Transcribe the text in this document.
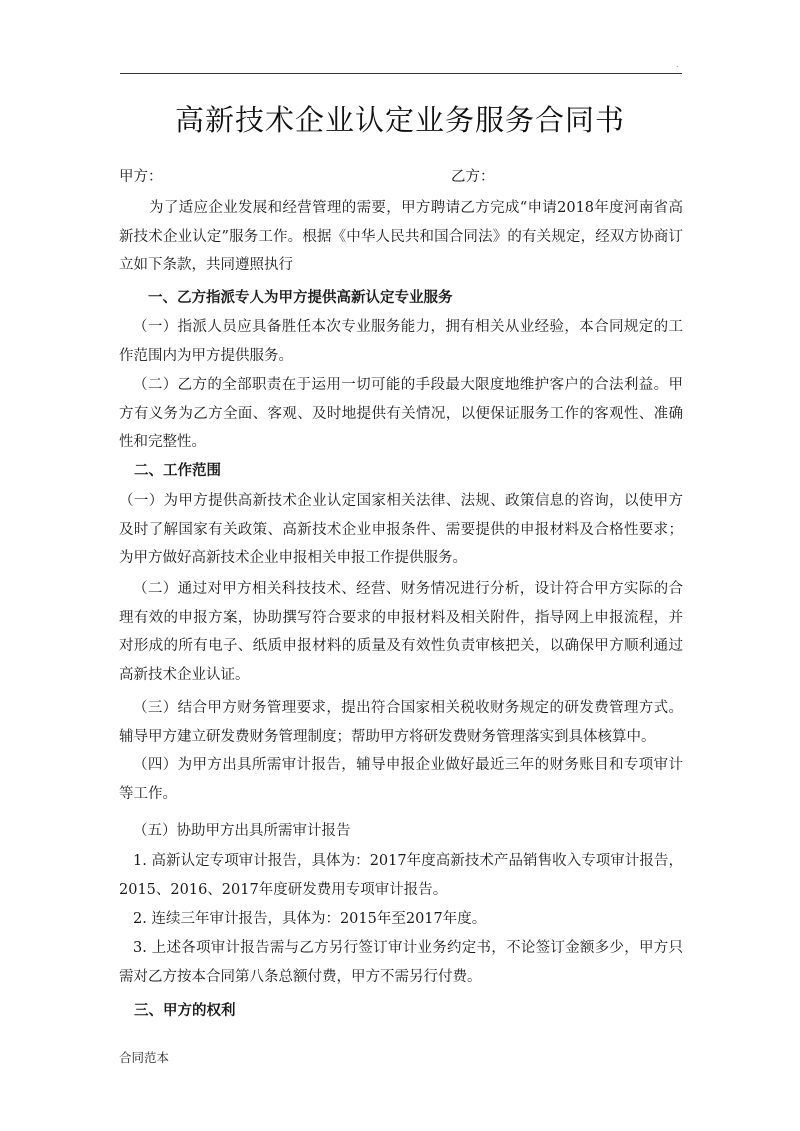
.
高新技术企业认定业务服务合同书
甲方：	乙方：
为了适应企业发展和经营管理的需要，甲方聘请乙方完成“申请2018年度河南省高新技术企业认定”服务工作。根据《中华人民共和国合同法》的有关规定，经双方协商订立如下条款，共同遵照执行
一、乙方指派专人为甲方提供高新认定专业服务
（一）指派人员应具备胜任本次专业服务能力，拥有相关从业经验，本合同规定的工作范围内为甲方提供服务。
（二）乙方的全部职责在于运用一切可能的手段最大限度地维护客户的合法利益。甲方有义务为乙方全面、客观、及时地提供有关情况，以便保证服务工作的客观性、准确性和完整性。
二、工作范围
（一）为甲方提供高新技术企业认定国家相关法律、法规、政策信息的咨询，以使甲方及时了解国家有关政策、高新技术企业申报条件、需要提供的申报材料及合格性要求；为甲方做好高新技术企业申报相关申报工作提供服务。
（二）通过对甲方相关科技技术、经营、财务情况进行分析，设计符合甲方实际的合理有效的申报方案，协助撰写符合要求的申报材料及相关附件，指导网上申报流程，并对形成的所有电子、纸质申报材料的质量及有效性负责审核把关，以确保甲方顺利通过高新技术企业认证。
（三）结合甲方财务管理要求，提出符合国家相关税收财务规定的研发费管理方式。辅导甲方建立研发费财务管理制度；帮助甲方将研发费财务管理落实到具体核算中。
（四）为甲方出具所需审计报告，辅导申报企业做好最近三年的财务账目和专项审计等工作。
（五）协助甲方出具所需审计报告
1. 高新认定专项审计报告，具体为：2017年度高新技术产品销售收入专项审计报告，2015、2016、2017年度研发费用专项审计报告。
2. 连续三年审计报告，具体为：2015年至2017年度。
3. 上述各项审计报告需与乙方另行签订审计业务约定书，不论签订金额多少，甲方只需对乙方按本合同第八条总额付费，甲方不需另行付费。
三、甲方的权利
合同范本
